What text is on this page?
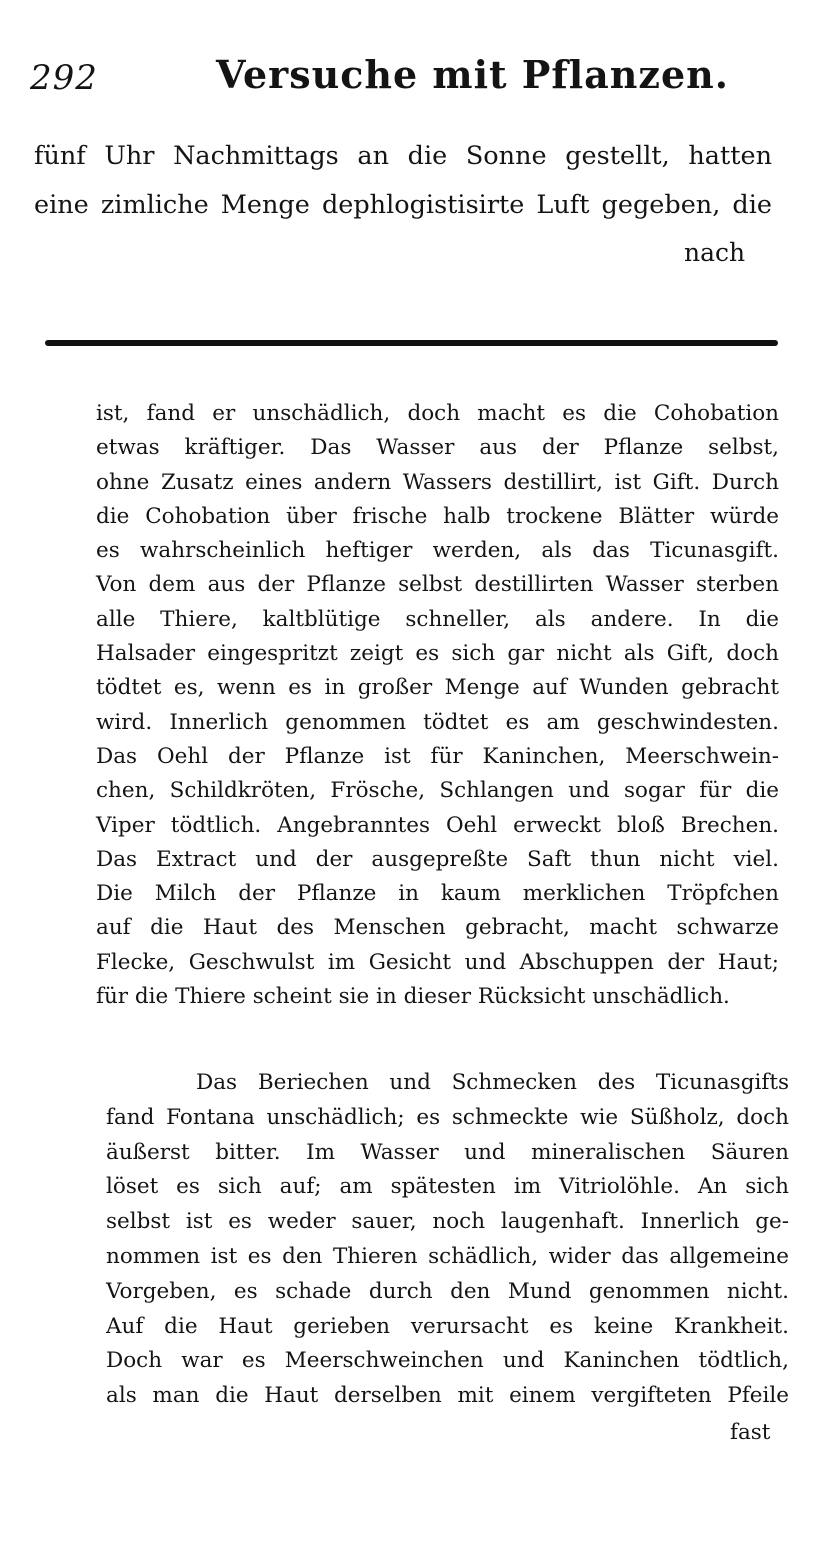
292	Versuche mit Pflanzen.
fünf Uhr Nachmittags an die Sonne gestellt, hatten
eine zimliche Menge dephlogistisirte Luft gegeben, die
nach
ist, fand er unschädlich, doch macht es die Cohobation
etwas kräftiger. Das Wasser aus der Pflanze selbst,
ohne Zusatz eines andern Wassers destillirt, ist Gift. Durch
die Cohobation über frische halb trockene Blätter würde
es wahrscheinlich heftiger werden, als das Ticunasgift.
Von dem aus der Pflanze selbst destillirten Wasser sterben
alle Thiere, kaltblütige schneller, als andere. In die
Halsader eingespritzt zeigt es sich gar nicht als Gift, doch
tödtet es, wenn es in großer Menge auf Wunden gebracht
wird. Innerlich genommen tödtet es am geschwindesten.
Das Oehl der Pflanze ist für Kaninchen, Meerschwein-
chen, Schildkröten, Frösche, Schlangen und sogar für die
Viper tödtlich. Angebranntes Oehl erweckt bloß Brechen.
Das Extract und der ausgepreßte Saft thun nicht viel.
Die Milch der Pflanze in kaum merklichen Tröpfchen
auf die Haut des Menschen gebracht, macht schwarze
Flecke, Geschwulst im Gesicht und Abschuppen der Haut;
für die Thiere scheint sie in dieser Rücksicht unschädlich.
Das Beriechen und Schmecken des Ticunasgifts
fand Fontana unschädlich; es schmeckte wie Süßholz, doch
äußerst bitter. Im Wasser und mineralischen Säuren
löset es sich auf; am spätesten im Vitriolöhle. An sich
selbst ist es weder sauer, noch laugenhaft. Innerlich ge-
nommen ist es den Thieren schädlich, wider das allgemeine
Vorgeben, es schade durch den Mund genommen nicht.
Auf die Haut gerieben verursacht es keine Krankheit.
Doch war es Meerschweinchen und Kaninchen tödtlich,
als man die Haut derselben mit einem vergifteten Pfeile
fast
